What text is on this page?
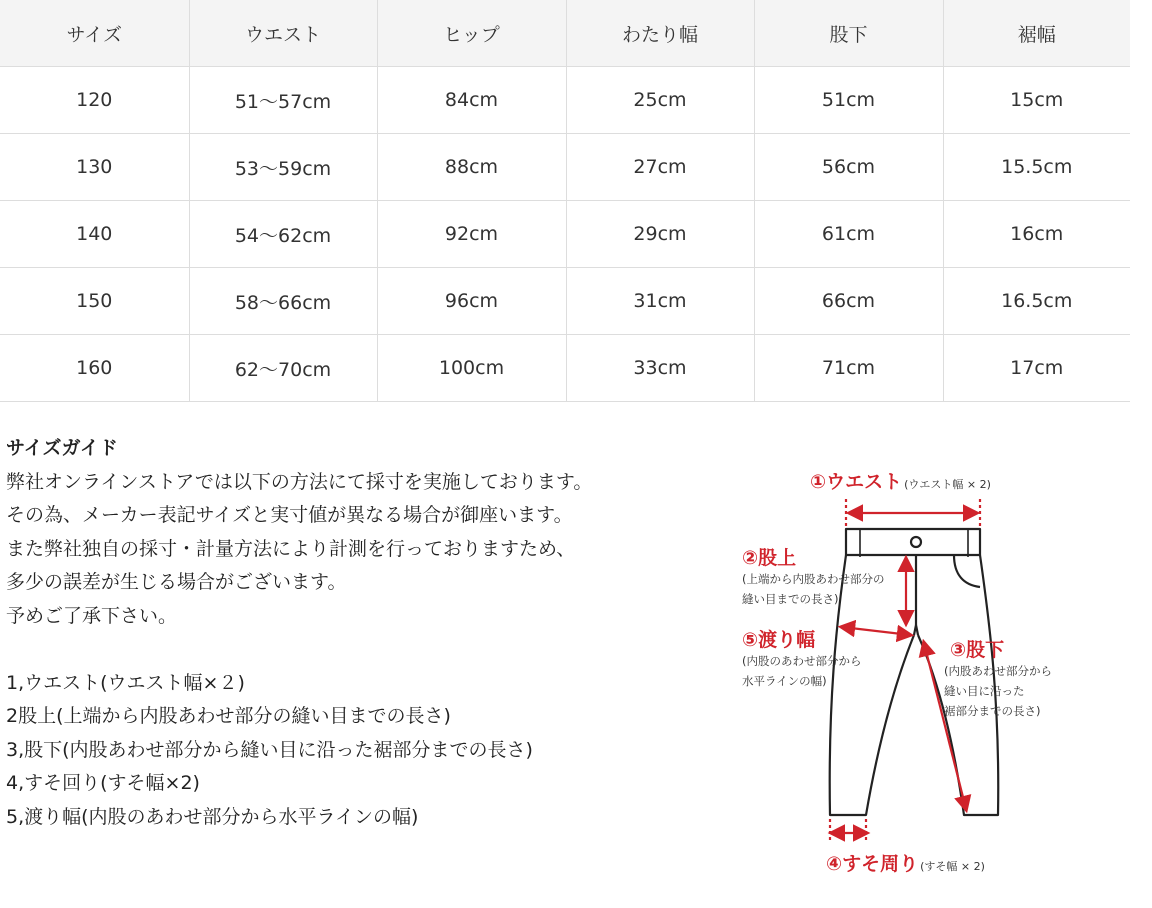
サイズ	ウエスト	ヒップ	わたり幅	股下	裾幅
120	51～57cm	84cm	25cm	51cm	15cm
130	53～59cm	88cm	27cm	56cm	15.5cm
140	54～62cm	92cm	29cm	61cm	16cm
150	58～66cm	96cm	31cm	66cm	16.5cm
160	62～70cm	100cm	33cm	71cm	17cm

サイズガイド

弊社オンラインストアでは以下の方法にて採寸を実施しております。

その為、メーカー表記サイズと実寸値が異なる場合が御座います。

また弊社独自の採寸・計量方法により計測を行っておりますため、

多少の誤差が生じる場合がございます。

予めご了承下さい。

1,ウエスト(ウエスト幅×２)

2股上(上端から内股あわせ部分の縫い目までの長さ)

3,股下(内股あわせ部分から縫い目に沿った裾部分までの長さ)

4,すそ回り(すそ幅×2)

5,渡り幅(内股のあわせ部分から水平ラインの幅)

①ウエスト (ウエスト幅 × 2)
②股上
(上端から内股あわせ部分の
縫い目までの長さ)
⑤渡り幅
(内股のあわせ部分から
水平ラインの幅)
③股下
(内股あわせ部分から
縫い目に沿った
裾部分までの長さ)
④すそ周り (すそ幅 × 2)
